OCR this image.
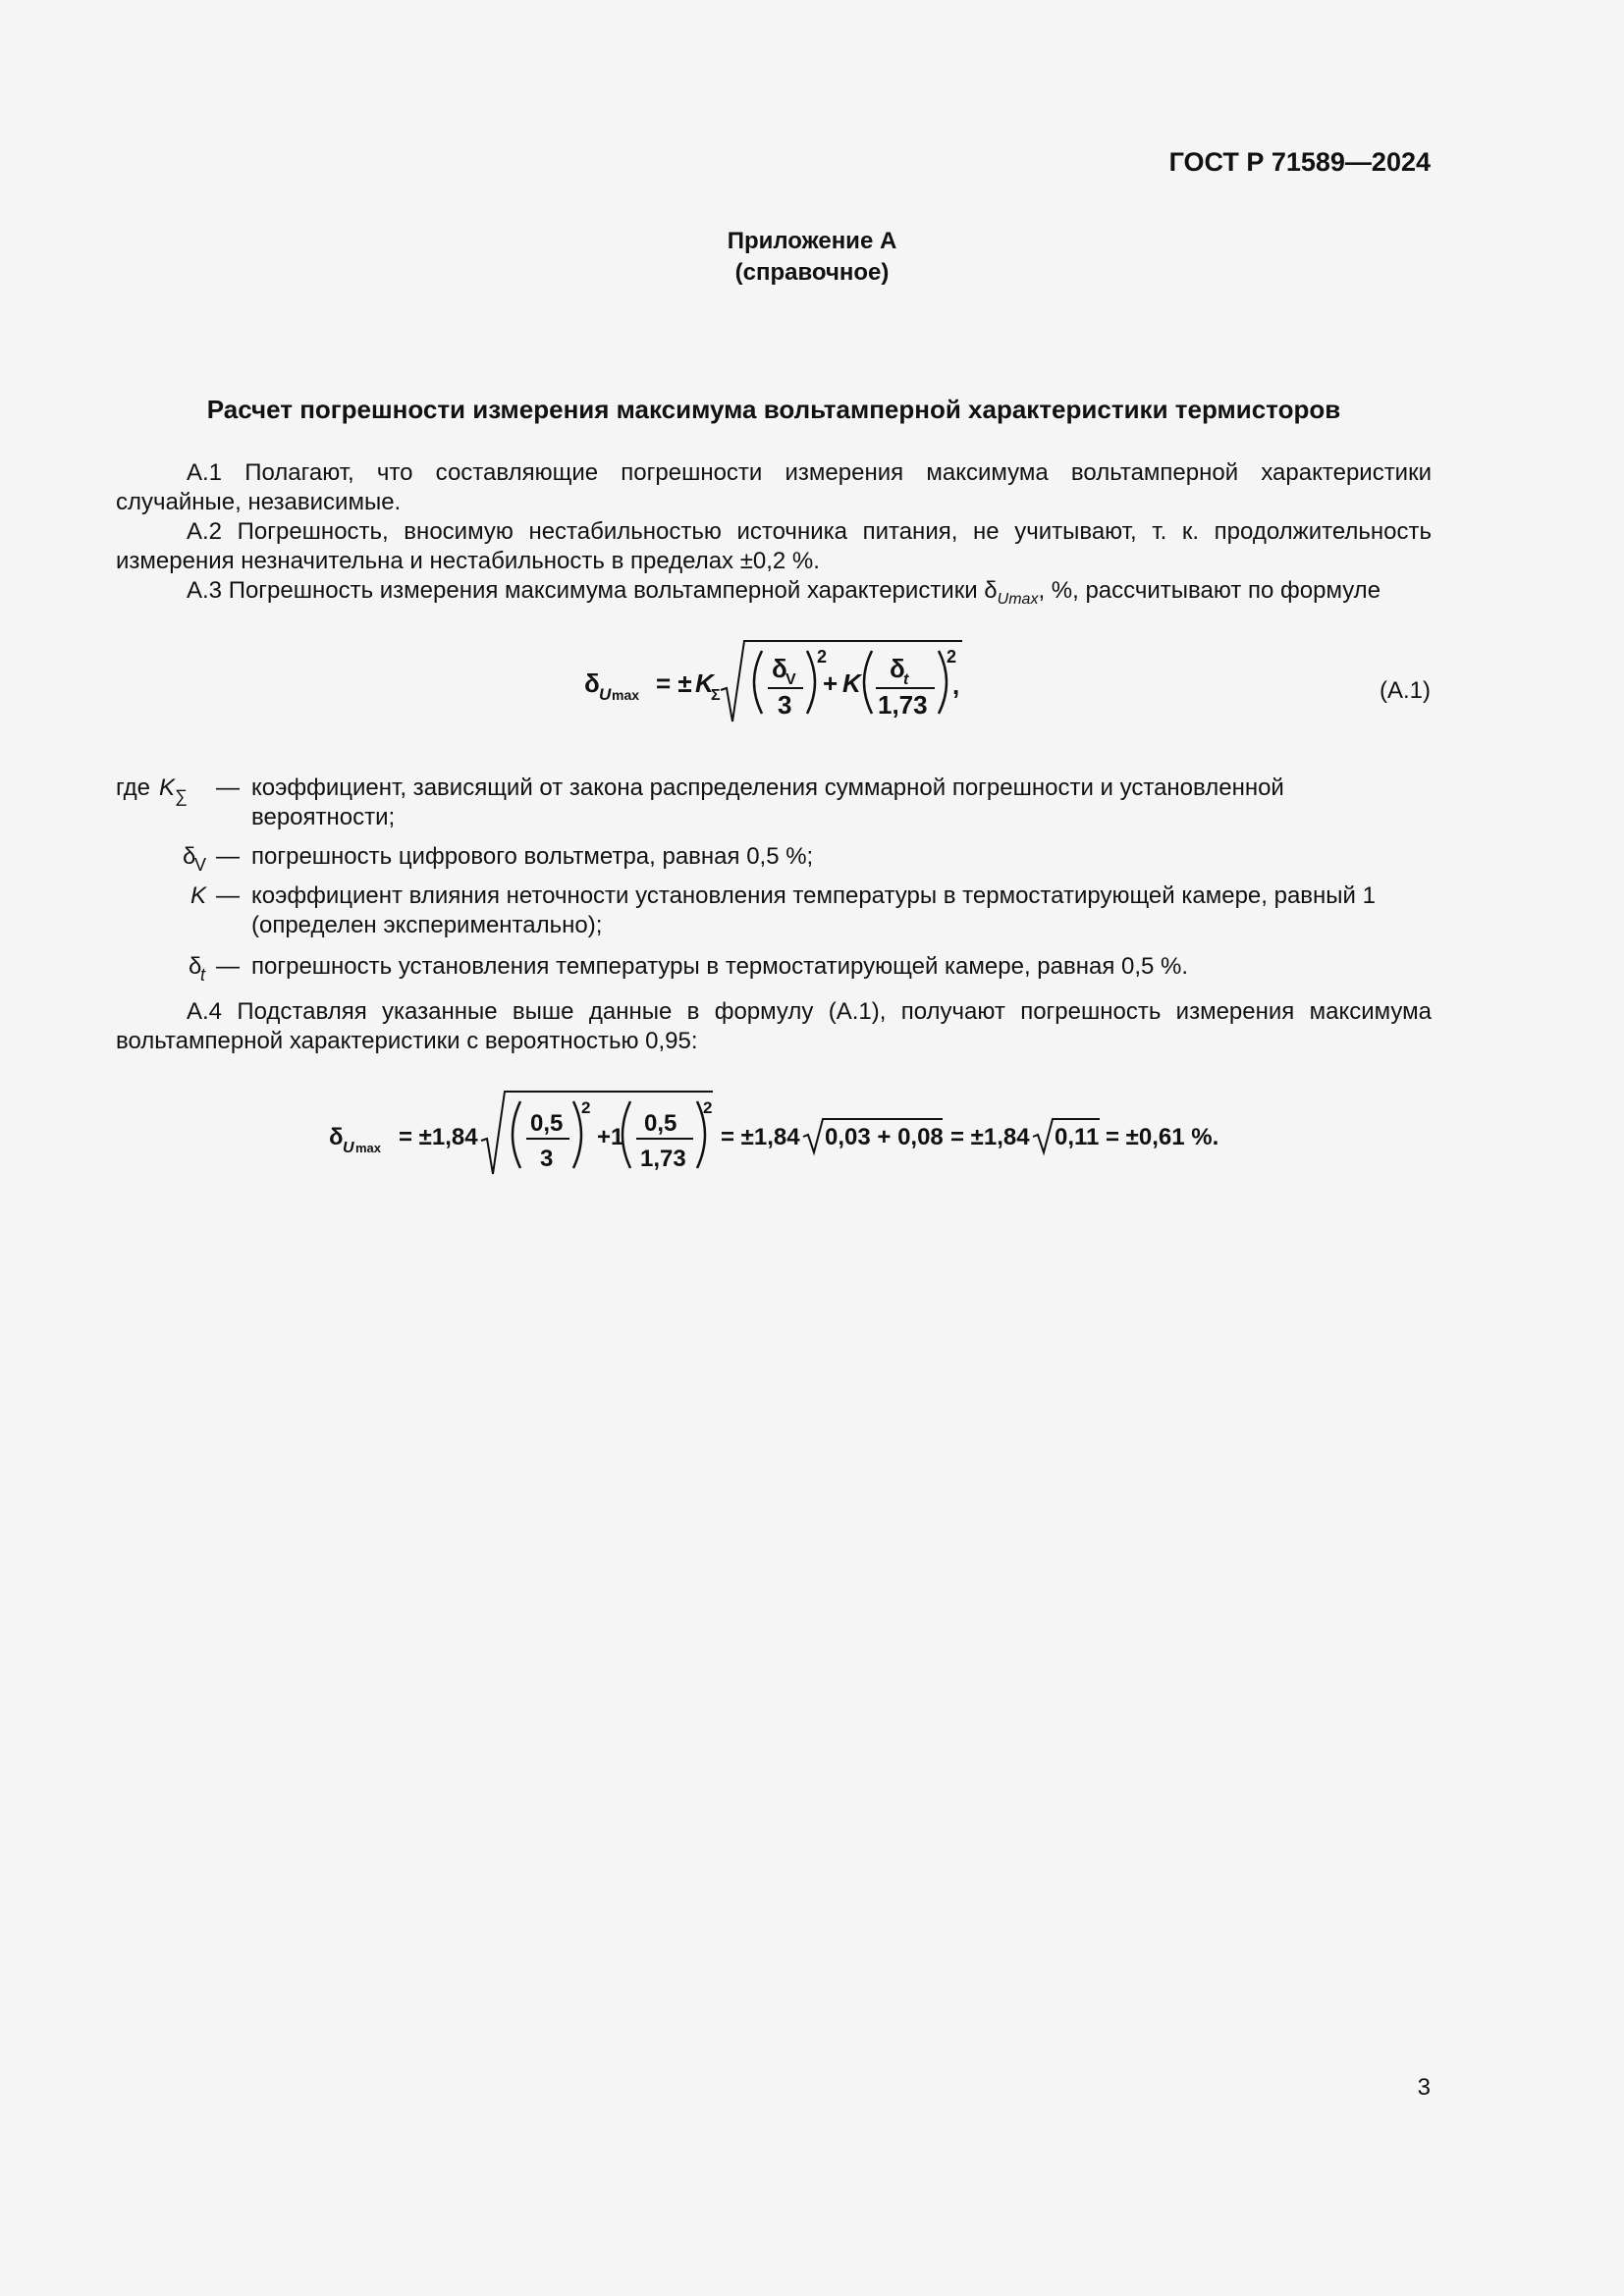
ГОСТ Р 71589—2024
Приложение А
(справочное)
Расчет погрешности измерения максимума вольтамперной характеристики термисторов
А.1 Полагают, что составляющие погрешности измерения максимума вольтамперной характеристики случайные, независимые.
А.2 Погрешность, вносимую нестабильностью источника питания, не учитывают, т. к. продолжительность измерения незначительна и нестабильность в пределах ±0,2 %.
А.3 Погрешность измерения максимума вольтамперной характеристики $\delta_{Umax}$, %, рассчитывают по формуле
δ U max = ± K
Σ
δ
V
3
2
+ K δ
t
1,73
2
,	(А.1)
где K ∑ — коэффициент, зависящий от закона распределения суммарной погрешности и установленной вероятности;
δ
V — погрешность цифрового вольтметра, равная 0,5 %;
K — коэффициент влияния неточности установления температуры в термостатирующей камере, равный 1 (определен экспериментально);
δ
t — погрешность установления температуры в термостатирующей камере, равная 0,5 %.
А.4 Подставляя указанные выше данные в формулу (А.1), получают погрешность измерения максимума вольтамперной характеристики с вероятностью 0,95:
δ U max = ±1,84
0,5
3
2
+1
0,5
1,73
2
= ±1,84 0,03 + 0,08 = ±1,84 0,11 = ±0,61 %.
3
